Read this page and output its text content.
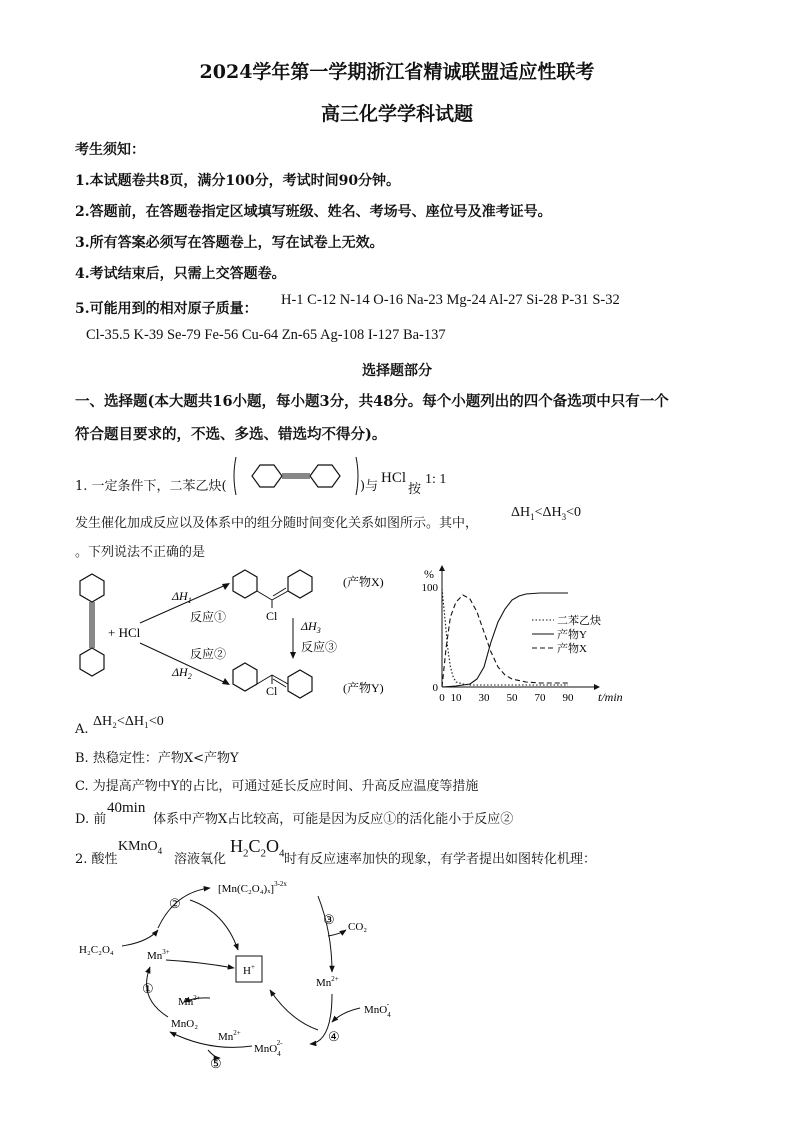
2024学年第一学期浙江省精诚联盟适应性联考
高三化学学科试题
考生须知：
1.本试题卷共8页，满分100分，考试时间90分钟。
2.答题前，在答题卷指定区域填写班级、姓名、考场号、座位号及准考证号。
3.所有答案必须写在答题卷上，写在试卷上无效。
4.考试结束后，只需上交答题卷。
5.可能用到的相对原子质量：
H-1 C-12 N-14 O-16 Na-23 Mg-24 Al-27 Si-28 P-31 S-32
Cl-35.5 K-39 Se-79 Fe-56 Cu-64 Zn-65 Ag-108 I-127 Ba-137
选择题部分
一、选择题(本大题共16小题，每小题3分，共48分。每个小题列出的四个备选项中只有一个
符合题目要求的，不选、多选、错选均不得分)。
1. 一定条件下，二苯乙炔(	)与
HCl
按
1: 1
发生催化加成反应以及体系中的组分随时间变化关系如图所示。其中，
$\Delta H_1<\Delta H_3<0$
。下列说法不正确的是
+ HCl
$\Delta H_1$
反应①
反应②
$\Delta H_2$
Cl
(产物X)
$\Delta H_3$
反应③
Cl	(产物Y)
%
t/min
0
100
0 10 30 50 70 90
二苯乙炔
产物Y
产物X
A.
ΔH₂<ΔH₁<0
B. 热稳定性：产物X<产物Y
C. 为提高产物中Y的占比，可通过延长反应时间、升高反应温度等措施
D. 前
40min
体系中产物X占比较高，可能是因为反应①的活化能小于反应②
2. 酸性
KMnO$_4$
溶液氧化
$H_2C_2O_4$ 时有反应速率加快的现象，有学者提出如图转化机理：
H₂C₂O₄	$Mn^{3+}$
②
$[Mn(C_2O_4)_x]^{3-2x}$
③ CO₂
$Mn^{2+}$
H+
MnO$_4$-
④
MnO$_4$2-
$Mn^{2+}$
⑤
MnO₂
$Mn^{2+}$
①
